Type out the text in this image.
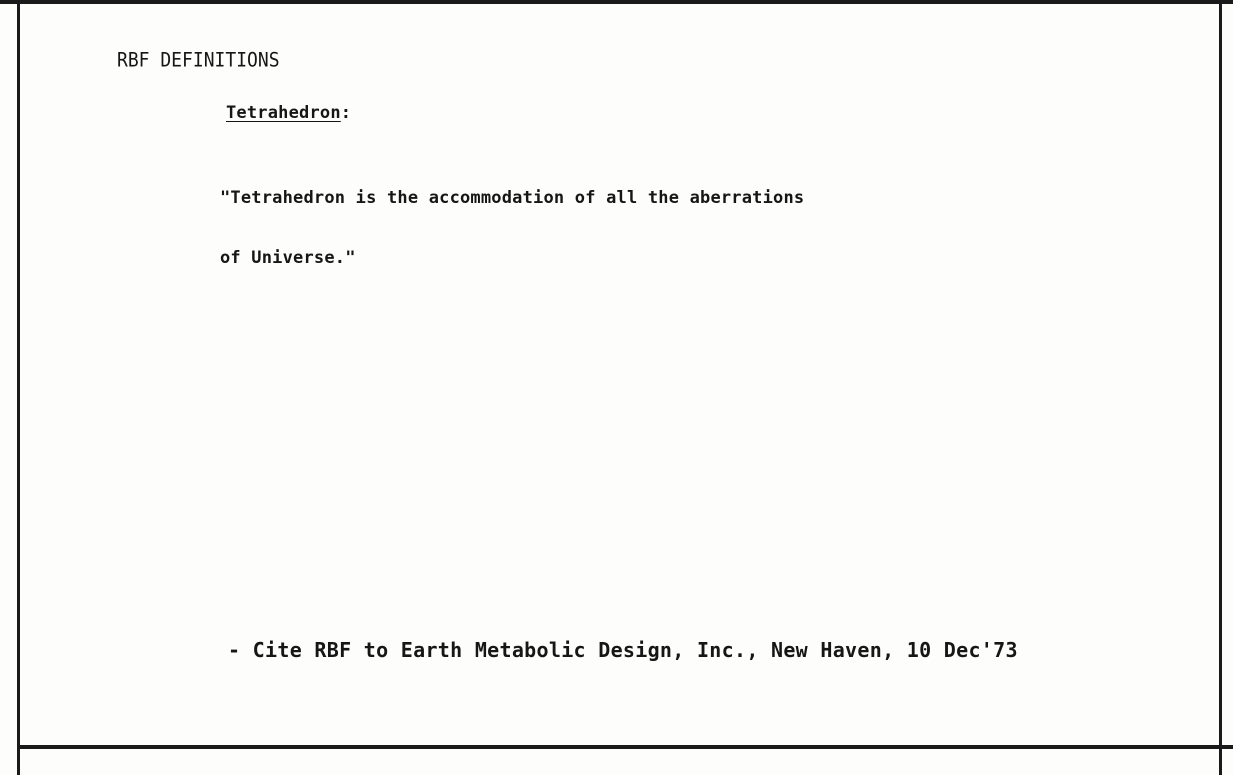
RBF DEFINITIONS
Tetrahedron:

"Tetrahedron is the accommodation of all the aberrations

of Universe."

- Cite RBF to Earth Metabolic Design, Inc., New Haven, 10 Dec'73
